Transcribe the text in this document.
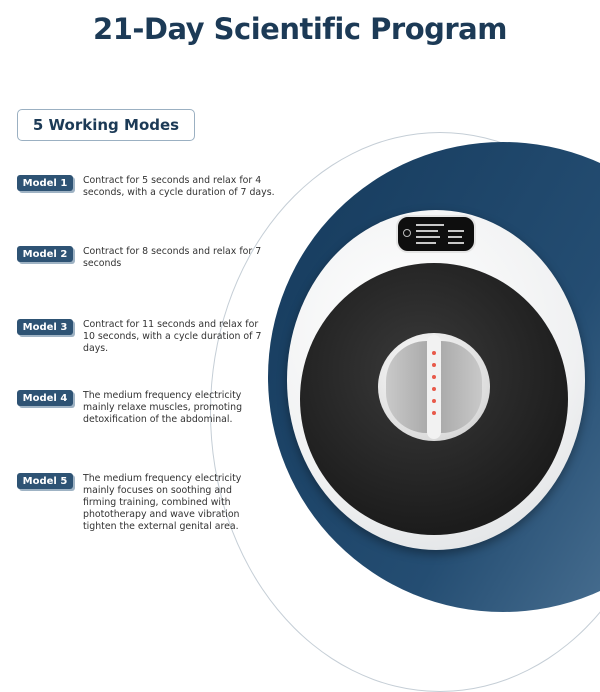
21-Day Scientific Program
5 Working Modes
Model 1	Contract for 5 seconds and relax for 4 seconds, with a cycle duration of 7 days.
Model 2	Contract for 8 seconds and relax for 7 seconds
Model 3	Contract for 11 seconds and relax for 10 seconds, with a cycle duration of 7 days.
Model 4	The medium frequency electricity mainly relaxe muscles, promoting detoxification of the abdominal.
Model 5	The medium frequency electricity mainly focuses on soothing and firming training, combined with phototherapy and wave vibration tighten the external genital area.
